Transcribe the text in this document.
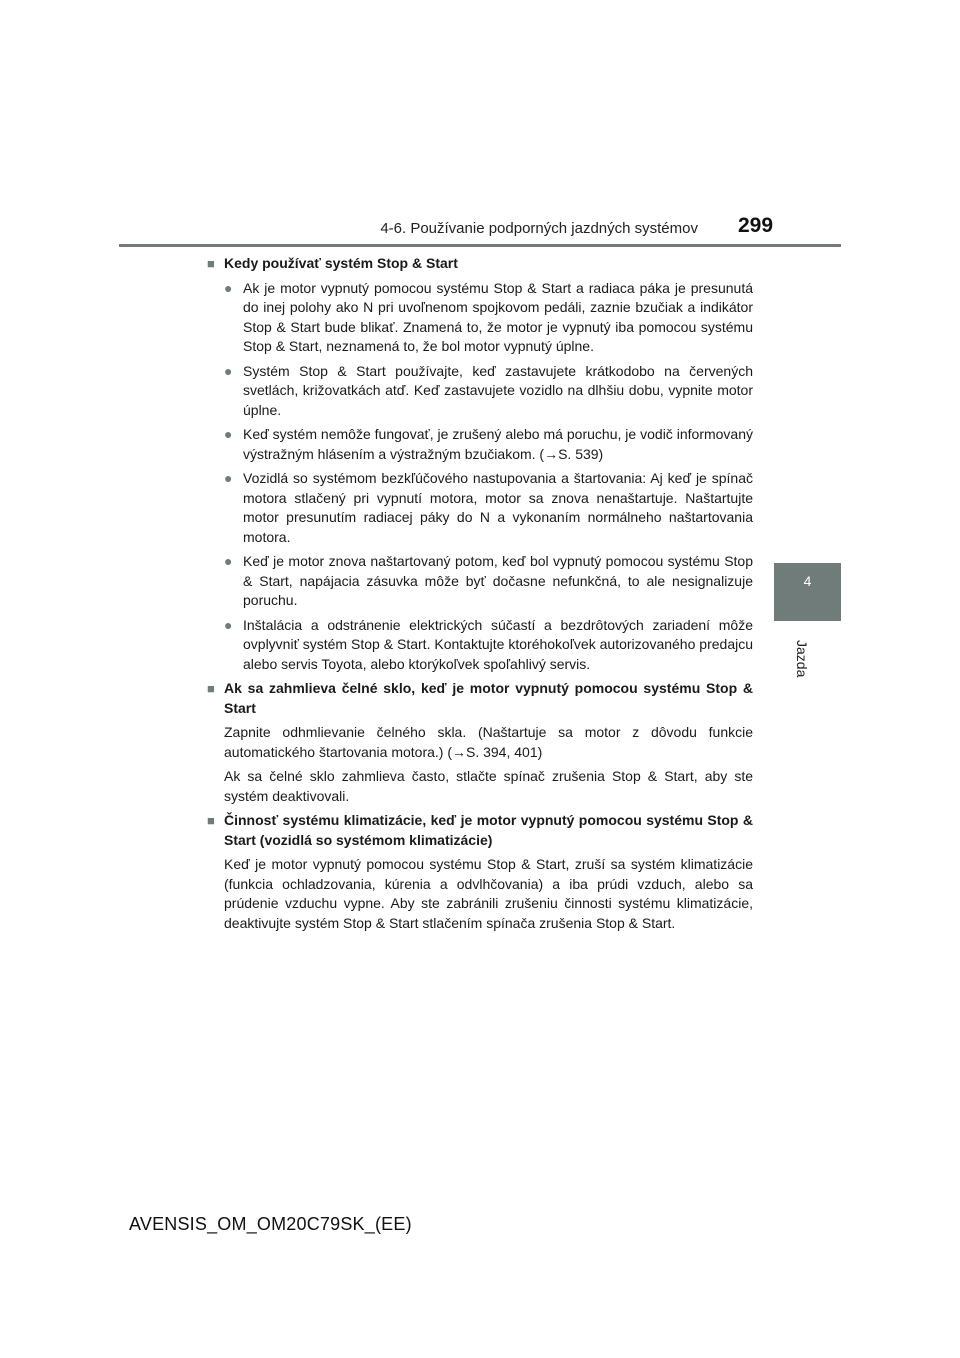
4-6. Používanie podporných jazdných systémov 299
4
Jazda
■ Kedy používať systém Stop & Start
● Ak je motor vypnutý pomocou systému Stop & Start a radiaca páka je presunutá do inej polohy ako N pri uvoľnenom spojkovom pedáli, zaznie bzučiak a indikátor Stop & Start bude blikať. Znamená to, že motor je vypnutý iba pomocou systému Stop & Start, neznamená to, že bol motor vypnutý úplne.
● Systém Stop & Start používajte, keď zastavujete krátkodobo na červených svetlách, križovatkách atď. Keď zastavujete vozidlo na dlhšiu dobu, vypnite motor úplne.
● Keď systém nemôže fungovať, je zrušený alebo má poruchu, je vodič informovaný výstražným hlásením a výstražným bzučiakom. (→S. 539)
● Vozidlá so systémom bezkľúčového nastupovania a štartovania: Aj keď je spínač motora stlačený pri vypnutí motora, motor sa znova nenaštartuje. Naštartujte motor presunutím radiacej páky do N a vykonaním normálneho naštartovania motora.
● Keď je motor znova naštartovaný potom, keď bol vypnutý pomocou systému Stop & Start, napájacia zásuvka môže byť dočasne nefunkčná, to ale nesignalizuje poruchu.
● Inštalácia a odstránenie elektrických súčastí a bezdrôtových zariadení môže ovplyvniť systém Stop & Start. Kontaktujte ktoréhokoľvek autorizovaného predajcu alebo servis Toyota, alebo ktorýkoľvek spoľahlivý servis.
■ Ak sa zahmlieva čelné sklo, keď je motor vypnutý pomocou systému Stop & Start

Zapnite odhmlievanie čelného skla. (Naštartuje sa motor z dôvodu funkcie automatického štartovania motora.) (→S. 394, 401)

Ak sa čelné sklo zahmlieva často, stlačte spínač zrušenia Stop & Start, aby ste systém deaktivovali.

■ Činnosť systému klimatizácie, keď je motor vypnutý pomocou systému Stop & Start (vozidlá so systémom klimatizácie)

Keď je motor vypnutý pomocou systému Stop & Start, zruší sa systém klimatizácie (funkcia ochladzovania, kúrenia a odvlhčovania) a iba prúdi vzduch, alebo sa prúdenie vzduchu vypne. Aby ste zabránili zrušeniu činnosti systému klimatizácie, deaktivujte systém Stop & Start stlačením spínača zrušenia Stop & Start.

AVENSIS_OM_OM20C79SK_(EE)
